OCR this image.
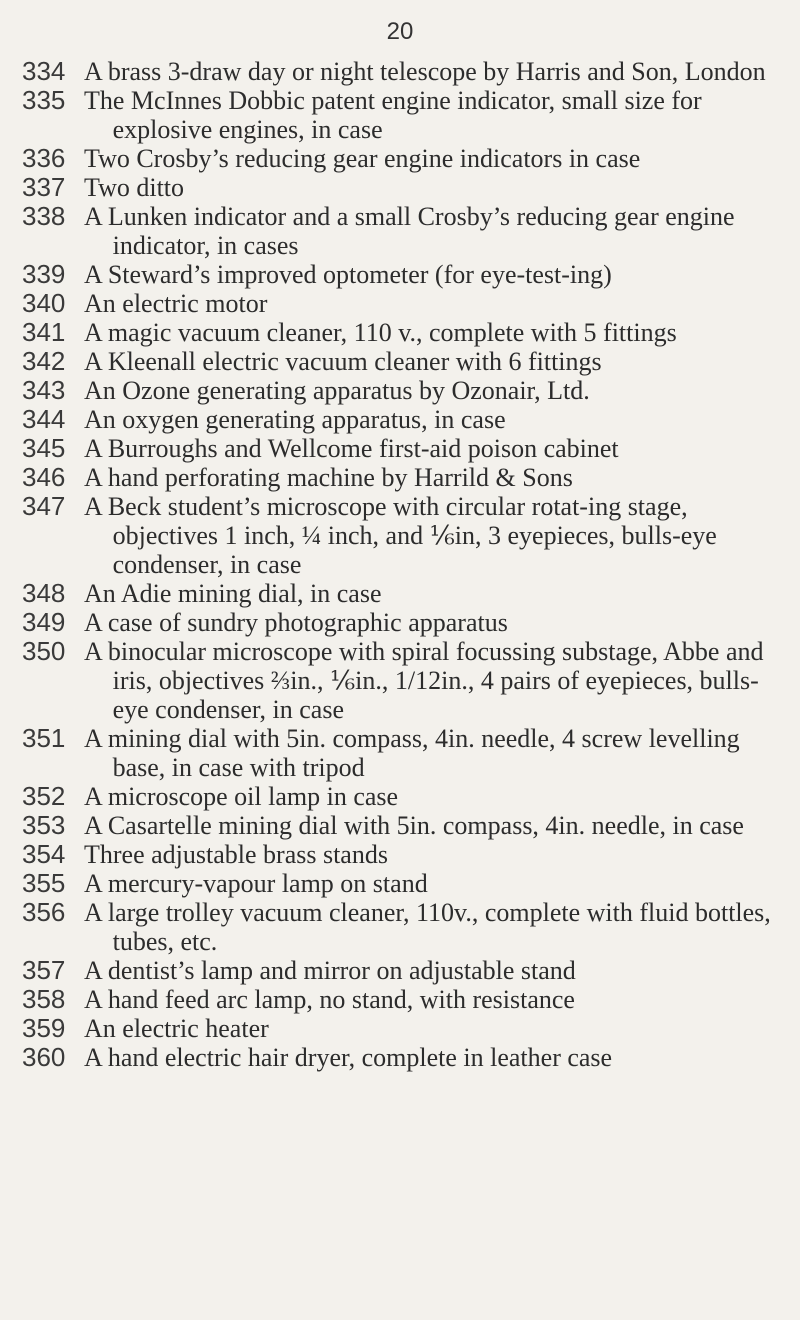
20
334 A brass 3-draw day or night telescope by Harris and Son, London
335 The McInnes Dobbic patent engine indicator, small size for explosive engines, in case
336 Two Crosby’s reducing gear engine indicators in case
337 Two ditto
338 A Lunken indicator and a small Crosby’s reducing gear engine indicator, in cases
339 A Steward’s improved optometer (for eye-test-ing)
340 An electric motor
341 A magic vacuum cleaner, 110 v., complete with 5 fittings
342 A Kleenall electric vacuum cleaner with 6 fittings
343 An Ozone generating apparatus by Ozonair, Ltd.
344 An oxygen generating apparatus, in case
345 A Burroughs and Wellcome first-aid poison cabinet
346 A hand perforating machine by Harrild & Sons
347 A Beck student’s microscope with circular rotat-ing stage, objectives 1 inch, ¼ inch, and ⅙in, 3 eyepieces, bulls-eye condenser, in case
348 An Adie mining dial, in case
349 A case of sundry photographic apparatus
350 A binocular microscope with spiral focussing substage, Abbe and iris, objectives ⅔in., ⅙in., 1/12in., 4 pairs of eyepieces, bulls-eye condenser, in case
351 A mining dial with 5in. compass, 4in. needle, 4 screw levelling base, in case with tripod
352 A microscope oil lamp in case
353 A Casartelle mining dial with 5in. compass, 4in. needle, in case
354 Three adjustable brass stands
355 A mercury-vapour lamp on stand
356 A large trolley vacuum cleaner, 110v., complete with fluid bottles, tubes, etc.
357 A dentist’s lamp and mirror on adjustable stand
358 A hand feed arc lamp, no stand, with resistance
359 An electric heater
360 A hand electric hair dryer, complete in leather case
